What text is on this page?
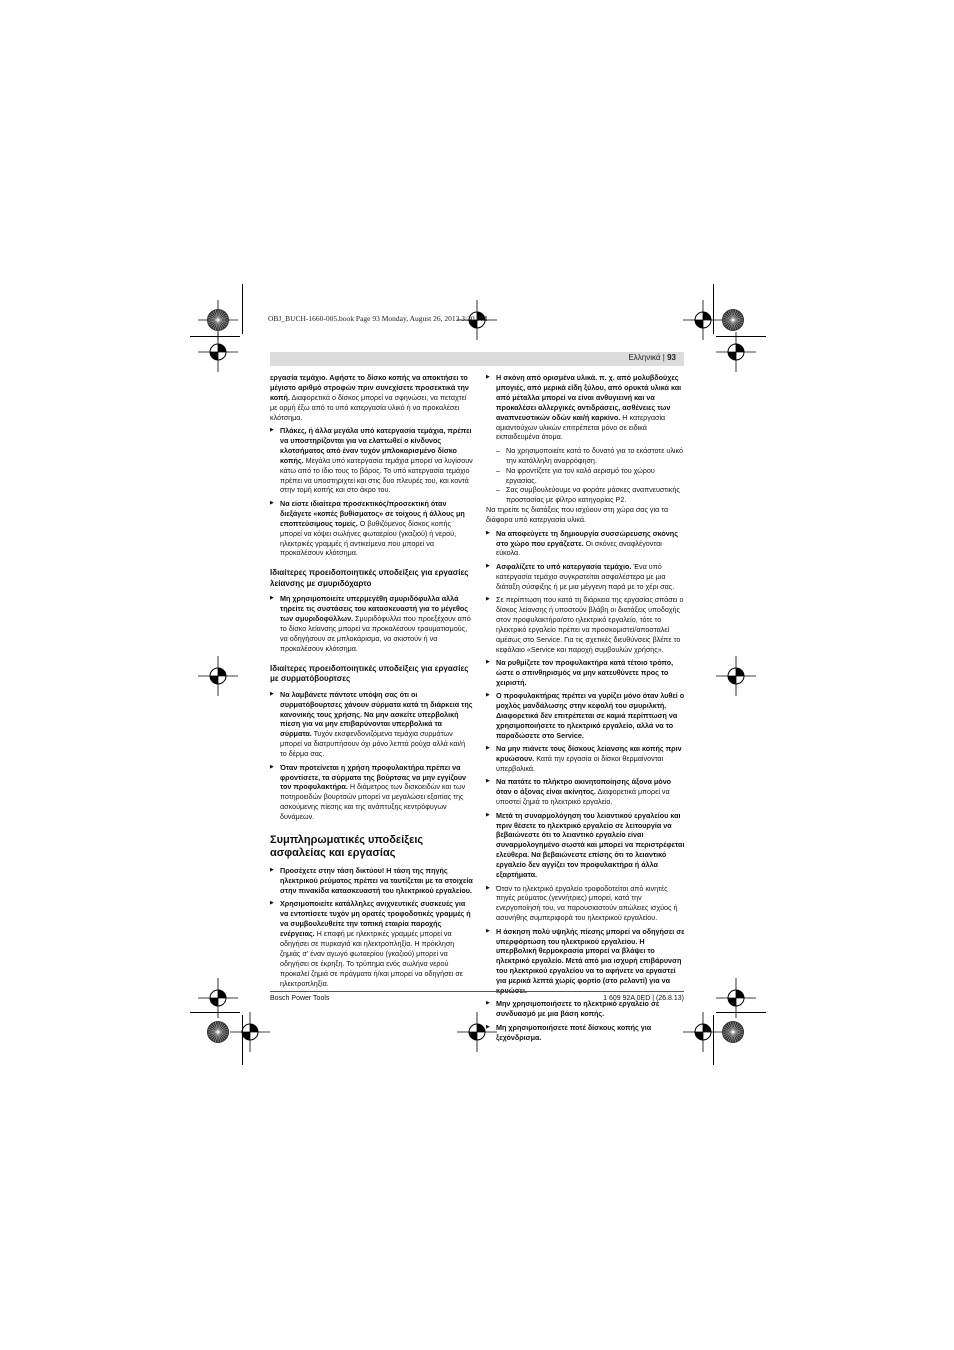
OBJ_BUCH-1660-005.book Page 93 Monday, August 26, 2013 3:30 PM
Ελληνικά | 93
εργασία τεμάχιο. Αφήστε το δίσκο κοπής να αποκτήσει το μέγιστο αριθμό στροφών πριν συνεχίσετε προσεκτικά την κοπή. Διαφορετικά ο δίσκος μπορεί να σφηνώσει, να πεταχτεί με ορμή έξω από το υπό κατεργασία υλικό ή να προκαλέσει κλότσημα.
▶ Πλάκες, ή άλλα μεγάλα υπό κατεργασία τεμάχια, πρέπει να υποστηρίζονται για να ελαττωθεί ο κίνδυνος κλοτσήματος από έναν τυχόν μπλοκαρισμένο δίσκο κοπής. Μεγάλα υπό κατεργασία τεμάχια μπορεί να λυγίσουν κάτω από το ίδιο τους το βάρος. Το υπό κατεργασία τεμάχιο πρέπει να υποστηριχτεί και στις δυο πλευρές του, και κοντά στην τομή κοπής και στο άκρο του.
▶ Να είστε ιδιαίτερα προσεκτικός/προσεκτική όταν διεξάγετε «κοπές βυθίσματος» σε τοίχους ή άλλους μη εποπτεύσιμους τομείς. Ο βυθιζόμενος δίσκος κοπής μπορεί να κόψει σωλήνες φωταερίου (γκαζιού) ή νερού, ηλεκτρικές γραμμές ή αντικείμενα που μπορεί να προκαλέσουν κλότσημα.
Ιδιαίτερες προειδοποιητικές υποδείξεις για εργασίες λείανσης με σμυριδόχαρτο
▶ Μη χρησιμοποιείτε υπερμεγέθη σμυριδόφυλλα αλλά τηρείτε τις συστάσεις του κατασκευαστή για το μέγεθος των σμυριδοφύλλων. Σμυριδόφυλλα που προεξέχουν από το δίσκο λείανσης μπορεί να προκαλέσουν τραυματισμούς, να οδηγήσουν σε μπλοκάρισμα, να σκιστούν ή να προκαλέσουν κλότσημα.
Ιδιαίτερες προειδοποιητικές υποδείξεις για εργασίες με συρματόβουρτσες
▶ Να λαμβάνετε πάντοτε υπόψη σας ότι οι συρματόβουρτσες χάνουν σύρματα κατά τη διάρκεια της κανονικής τους χρήσης. Να μην ασκείτε υπερβολική πίεση για να μην επιβαρύνονται υπερβολικά τα σύρματα. Τυχόν εκσφενδονιζόμενα τεμάχια συρμάτων μπορεί να διατρυπήσουν όχι μόνο λεπτά ρούχα αλλά και/ή το δέρμα σας.
▶ Όταν προτείνεται η χρήση προφυλακτήρα πρέπει να φροντίσετε, τα σύρματα της βούρτσας να μην εγγίζουν τον προφυλακτήρα. Η διάμετρος των δισκοειδών και των ποτηροειδών βουρτσών μπορεί να μεγαλώσει εξαιτίας της ασκούμενης πίεσης και της ανάπτυξης κεντρόφυγων δυνάμεων.
Συμπληρωματικές υποδείξεις ασφαλείας και εργασίας
▶ Προσέχετε στην τάση δικτύου! Η τάση της πηγής ηλεκτρικού ρεύματος πρέπει να ταυτίζεται με τα στοιχεία στην πινακίδα κατασκευαστή του ηλεκτρικού εργαλείου.
▶ Χρησιμοποιείτε κατάλληλες ανιχνευτικές συσκευές για να εντοπίσετε τυχόν μη ορατές τροφοδοτικές γραμμές ή να συμβουλευθείτε την τοπική εταιρία παροχής ενέργειας. Η επαφή με ηλεκτρικές γραμμές μπορεί να οδηγήσει σε πυρκαγιά και ηλεκτροπληξία. Η πρόκληση ζημιάς σ' έναν αγωγό φωταερίου (γκαζιού) μπορεί να οδηγήσει σε έκρηξη. Το τρύπημα ενός σωλήνα νερού προκαλεί ζημιά σε πράγματα ή/και μπορεί να οδηγήσει σε ηλεκτροπληξία.
▶ Η σκόνη από ορισμένα υλικά. π. χ. από μολυβδούχες μπογιές, από μερικά είδη ξύλου, από ορυκτά υλικά και από μέταλλα μπορεί να είναι ανθυγιεινή και να προκαλέσει αλλεργικές αντιδράσεις, ασθένειες των αναπνευστικών οδών και/ή καρκίνο. Η κατεργασία αμιαντούχων υλικών επιτρέπεται μόνο σε ειδικά εκπαιδευμένα άτομα.
– Να χρησιμοποιείτε κατά το δυνατό για το εκάστοτε υλικό την κατάλληλη αναρρόφηση.
– Να φροντίζετε για τον καλό αερισμό του χώρου εργασίας.
– Σας συμβουλεύουμε να φοράτε μάσκες αναπνευστικής προστασίας με φίλτρο κατηγορίας P2.
Να τηρείτε τις διατάξεις που ισχύουν στη χώρα σας για τα διάφορα υπό κατεργασία υλικά.
▶ Να αποφεύγετε τη δημιουργία συσσώρευσης σκόνης στο χώρο που εργάζεστε. Οι σκόνες αναφλέγονται εύκολα.
▶ Ασφαλίζετε το υπό κατεργασία τεμάχιο. Ένα υπό κατεργασία τεμάχιο συγκρατείται ασφαλέστερα με μια διάταξη σύσφιξης ή με μια μέγγενη παρά με το χέρι σας.
▶ Σε περίπτωση που κατά τη διάρκεια της εργασίας σπάσει ο δίσκος λείανσης ή υποστούν βλάβη οι διατάξεις υποδοχής στον προφυλακτήρα/στο ηλεκτρικό εργαλείο, τότε το ηλεκτρικό εργαλείο πρέπει να προσκομιστεί/αποσταλεί αμέσως στο Service. Για τις σχετικές διευθύνσεις βλέπε το κεφάλαιο «Service και παροχή συμβουλών χρήσης».
▶ Να ρυθμίζετε τον προφυλακτήρα κατά τέτοιο τρόπο, ώστε ο σπινθηρισμός να μην κατευθύνετε προς το χειριστή.
▶ Ο προφυλακτήρας πρέπει να γυρίζει μόνο όταν λυθεί ο μοχλός μανδάλωσης στην κεφαλή του σμυριλκτή. Διαφορετικά δεν επιτρέπεται σε καμιά περίπτωση να χρησιμοποιήσετε το ηλεκτρικό εργαλείο, αλλά να το παραδώσετε στο Service.
▶ Να μην πιάνετε τους δίσκους λείανσης και κοπής πριν κρυώσουν. Κατά την εργασία οι δίσκοι θερμαίνονται υπερβολικά.
▶ Να πατάτε το πλήκτρο ακινητοποίησης άξονα μόνο όταν ο άξονας είναι ακίνητος. Διαφορετικά μπορεί να υποστεί ζημιά το ηλεκτρικό εργαλείο.
▶ Μετά τη συναρμολόγηση του λειαντικού εργαλείου και πριν θέσετε το ηλεκτρικό εργαλείο σε λειτουργία να βεβαιώνεστε ότι το λειαντικό εργαλείο είναι συναρμολογημένο σωστά και μπορεί να περιστρέφεται ελεύθερα. Να βεβαιώνεστε επίσης ότι το λειαντικό εργαλείο δεν αγγίζει τον προφυλακτήρα ή άλλα εξαρτήματα.
▶ Όταν το ηλεκτρικό εργαλείο τροφοδοτείται από κινητές πηγές ρεύματος (γεννήτριες) μπορεί, κατά την ενεργοποίησή του, να παρουσιαστούν απώλειες ισχύος ή ασυνήθης συμπεριφορά του ηλεκτρικού εργαλείου.
▶ Η άσκηση πολύ υψηλής πίεσης μπορεί να οδηγήσει σε υπερφόρτωση του ηλεκτρικού εργαλείου. Η υπερβολική θερμοκρασία μπορεί να βλάψει το ηλεκτρικό εργαλείο. Μετά από μια ισχυρή επιβάρυνση του ηλεκτρικού εργαλείου να το αφήνετε να εργαστεί για μερικά λεπτά χωρίς φορτίο (στο ρελαντί) για να
▶ Μην χρησιμοποιήσετε το ηλεκτρικό εργαλείο σε συνδυασμό με μια βάση κοπής.
▶ Μη χρησιμοποιήσετε ποτέ δίσκους κοπής για ξεχόνδρισμα.
Bosch Power Tools	1 609 92A 0ED | (26.8.13)
